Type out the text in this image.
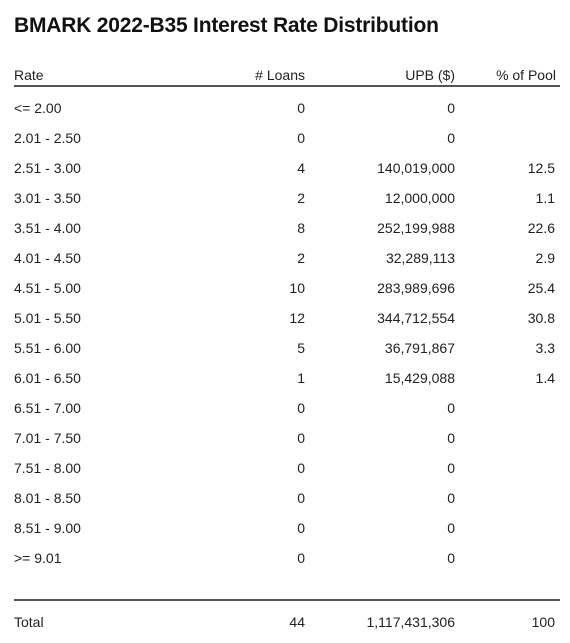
BMARK 2022-B35 Interest Rate Distribution
Rate	# Loans	UPB ($)	% of Pool
<= 2.00	0	0
2.01 - 2.50	0	0
2.51 - 3.00	4	140,019,000	12.5
3.01 - 3.50	2	12,000,000	1.1
3.51 - 4.00	8	252,199,988	22.6
4.01 - 4.50	2	32,289,113	2.9
4.51 - 5.00	10	283,989,696	25.4
5.01 - 5.50	12	344,712,554	30.8
5.51 - 6.00	5	36,791,867	3.3
6.01 - 6.50	1	15,429,088	1.4
6.51 - 7.00	0	0
7.01 - 7.50	0	0
7.51 - 8.00	0	0
8.01 - 8.50	0	0
8.51 - 9.00	0	0
>= 9.01	0	0
Total	44	1,117,431,306	100
